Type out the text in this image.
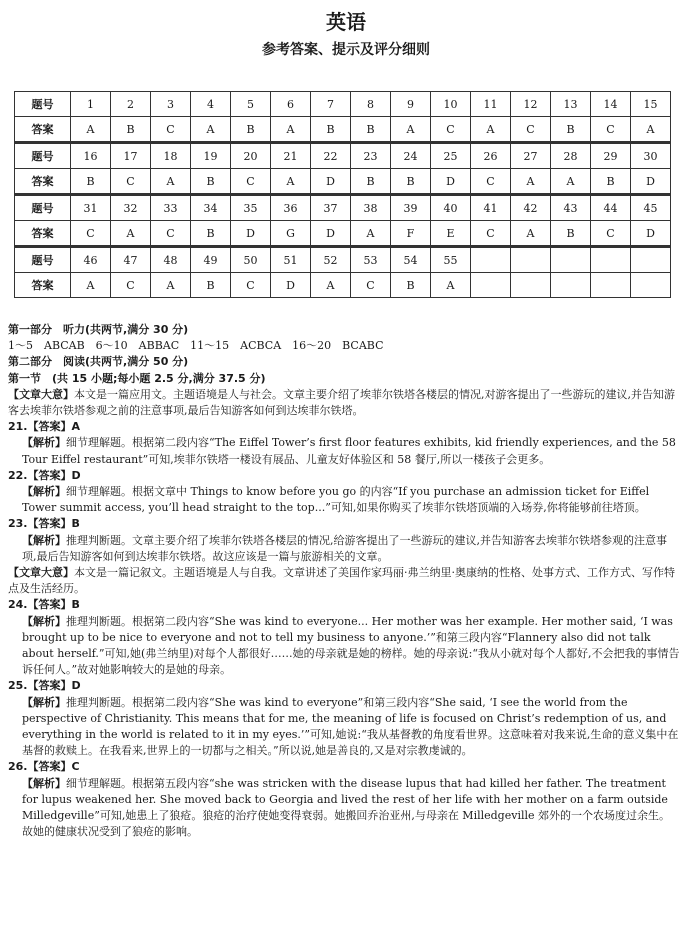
英语

参考答案、提示及评分细则

题号	1	2	3	4	5	6	7	8	9	10	11	12	13	14	15
答案	A	B	C	A	B	A	B	B	A	C	A	C	B	C	A
题号	16	17	18	19	20	21	22	23	24	25	26	27	28	29	30
答案	B	C	A	B	C	A	D	B	B	D	C	A	A	B	D
题号	31	32	33	34	35	36	37	38	39	40	41	42	43	44	45
答案	C	A	C	B	D	G	D	A	F	E	C	A	B	C	D
题号	46	47	48	49	50	51	52	53	54	55					
答案	A	C	A	B	C	D	A	C	B	A					

第一部分　听力(共两节,满分 30 分)

1～5　ABCAB　6～10　ABBAC　11～15　ACBCA　16～20　BCABC

第二部分　阅读(共两节,满分 50 分)

第一节　(共 15 小题;每小题 2.5 分,满分 37.5 分)

【文章大意】本文是一篇应用文。主题语境是人与社会。文章主要介绍了埃菲尔铁塔各楼层的情况,对游客提出了一些游玩的建议,并告知游客去埃菲尔铁塔参观之前的注意事项,最后告知游客如何到达埃菲尔铁塔。

21.【答案】A

【解析】细节理解题。根据第二段内容“The Eiffel Tower’s first floor features exhibits, kid friendly experiences, and the 58 Tour Eiffel restaurant”可知,埃菲尔铁塔一楼设有展品、儿童友好体验区和 58 餐厅,所以一楼孩子会更多。

22.【答案】D

【解析】细节理解题。根据文章中 Things to know before you go 的内容“If you purchase an admission ticket for Eiffel Tower summit access, you’ll head straight to the top...”可知,如果你购买了埃菲尔铁塔顶端的入场券,你将能够前往塔顶。

23.【答案】B

【解析】推理判断题。文章主要介绍了埃菲尔铁塔各楼层的情况,给游客提出了一些游玩的建议,并告知游客去埃菲尔铁塔参观的注意事项,最后告知游客如何到达埃菲尔铁塔。故这应该是一篇与旅游相关的文章。

【文章大意】本文是一篇记叙文。主题语境是人与自我。文章讲述了美国作家玛丽·弗兰纳里·奥康纳的性格、处事方式、工作方式、写作特点及生活经历。

24.【答案】B

【解析】推理判断题。根据第二段内容“She was kind to everyone... Her mother was her example. Her mother said, ‘I was brought up to be nice to everyone and not to tell my business to anyone.’”和第三段内容“Flannery also did not talk about herself.”可知,她(弗兰纳里)对每个人都很好……她的母亲就是她的榜样。她的母亲说:“我从小就对每个人都好,不会把我的事情告诉任何人。”故对她影响较大的是她的母亲。

25.【答案】D

【解析】推理判断题。根据第二段内容“She was kind to everyone”和第三段内容“She said, ‘I see the world from the perspective of Christianity. This means that for me, the meaning of life is focused on Christ’s redemption of us, and everything in the world is related to it in my eyes.’”可知,她说:“我从基督教的角度看世界。这意味着对我来说,生命的意义集中在基督的救赎上。在我看来,世界上的一切都与之相关。”所以说,她是善良的,又是对宗教虔诚的。

26.【答案】C

【解析】细节理解题。根据第五段内容“she was stricken with the disease lupus that had killed her father. The treatment for lupus weakened her. She moved back to Georgia and lived the rest of her life with her mother on a farm outside Milledgeville”可知,她患上了狼疮。狼疮的治疗使她变得衰弱。她搬回乔治亚州,与母亲在 Milledgeville 郊外的一个农场度过余生。故她的健康状况受到了狼疮的影响。
